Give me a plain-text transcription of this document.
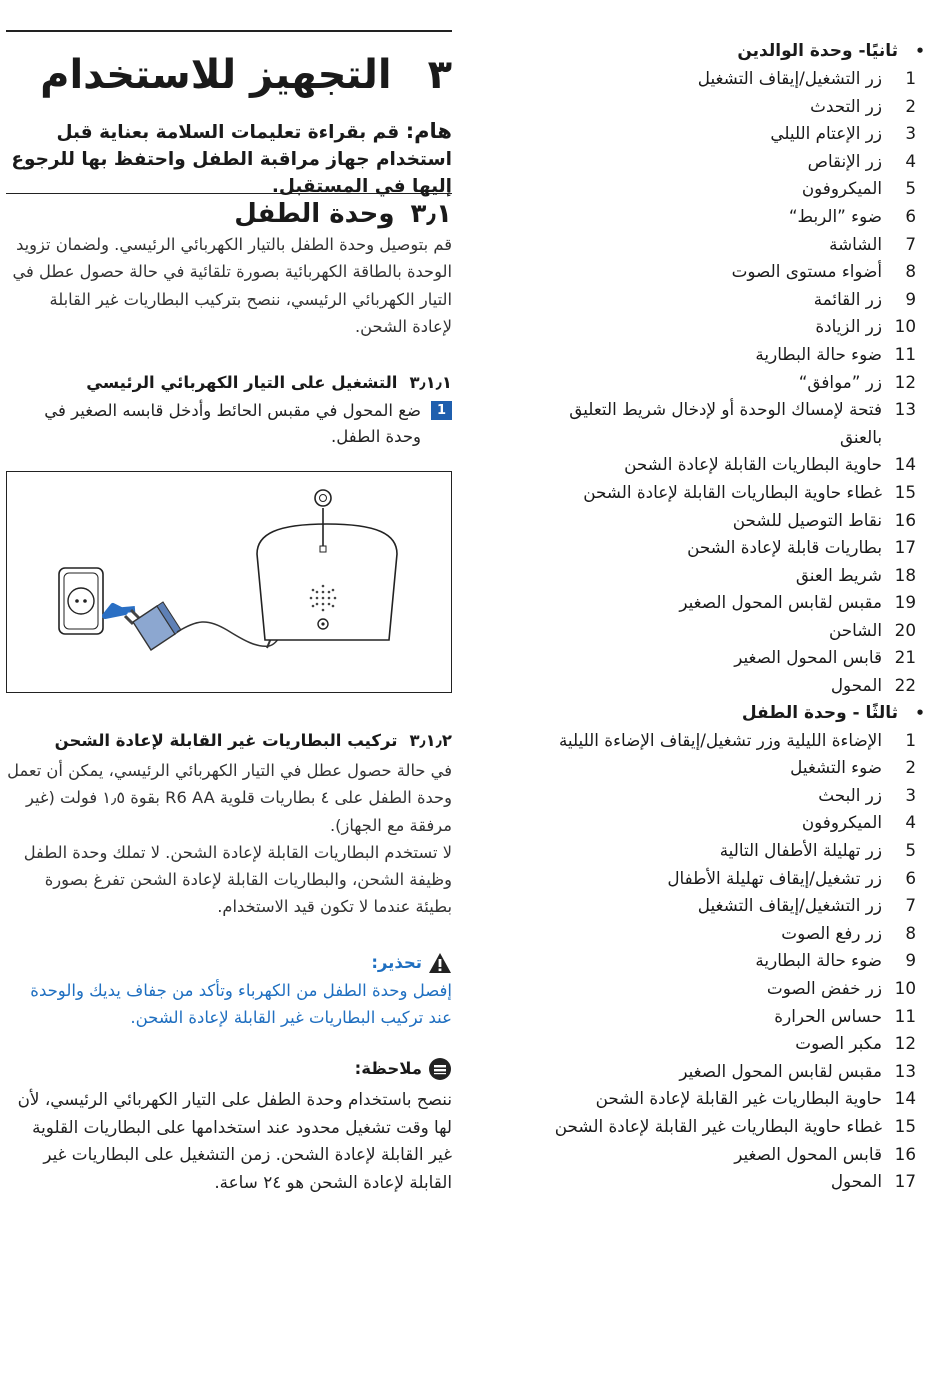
٣
التجهيز للاستخدام
هام: قم بقراءة تعليمات السلامة بعناية قبل استخدام جهاز مراقبة الطفل واحتفظ بها للرجوع إليها في المستقبل.
٣٫١
وحدة الطفل
قم بتوصيل وحدة الطفل بالتيار الكهربائي الرئيسي. ولضمان تزويد الوحدة بالطاقة الكهربائية بصورة تلقائية في حالة حصول عطل في التيار الكهربائي الرئيسي، ننصح بتركيب البطاريات غير القابلة لإعادة الشحن.
٣٫١٫١
التشغيل على التيار الكهربائي الرئيسي
1
ضع المحول في مقبس الحائط وأدخل قابسه الصغير في وحدة الطفل.
٣٫١٫٢
تركيب البطاريات غير القابلة لإعادة الشحن
في حالة حصول عطل في التيار الكهربائي الرئيسي، يمكن أن تعمل وحدة الطفل على ٤ بطاريات قلوية R6 AA بقوة ١٫٥ فولت (غير مرفقة مع الجهاز).
لا تستخدم البطاريات القابلة لإعادة الشحن. لا تملك وحدة الطفل وظيفة الشحن، والبطاريات القابلة لإعادة الشحن تفرغ بصورة بطيئة عندما لا تكون قيد الاستخدام.
تحذير:
إفصل وحدة الطفل من الكهرباء وتأكد من جفاف يديك والوحدة عند تركيب البطاريات غير القابلة لإعادة الشحن.
ملاحظة:
ننصح باستخدام وحدة الطفل على التيار الكهربائي الرئيسي، لأن لها وقت تشغيل محدود عند استخدامها على البطاريات القلوية غير القابلة لإعادة الشحن. زمن التشغيل على البطاريات غير القابلة لإعادة الشحن هو ٢٤ ساعة.
•
ثانيًا- وحدة الوالدين
1
زر التشغيل/إيقاف التشغيل
2
زر التحدث
3
زر الإعتام الليلي
4
زر الإنقاص
5
الميكروفون
6
ضوء ”الربط“
7
الشاشة
8
أضواء مستوى الصوت
9
زر القائمة
10
زر الزيادة
11
ضوء حالة البطارية
12
زر ”موافق“
13
فتحة لإمساك الوحدة أو لإدخال شريط التعليق
بالعنق
14
حاوية البطاريات القابلة لإعادة الشحن
15
غطاء حاوية البطاريات القابلة لإعادة الشحن
16
نقاط التوصيل للشحن
17
بطاريات قابلة لإعادة الشحن
18
شريط العنق
19
مقبس لقابس المحول الصغير
20
الشاحن
21
قابس المحول الصغير
22
المحول
•
ثالثًا - وحدة الطفل
1
الإضاءة الليلية وزر تشغيل/إيقاف الإضاءة الليلية
2
ضوء التشغيل
3
زر البحث
4
الميكروفون
5
زر تهليلة الأطفال التالية
6
زر تشغيل/إيقاف تهليلة الأطفال
7
زر التشغيل/إيقاف التشغيل
8
زر رفع الصوت
9
ضوء حالة البطارية
10
زر خفض الصوت
11
حساس الحرارة
12
مكبر الصوت
13
مقبس لقابس المحول الصغير
14
حاوية البطاريات غير القابلة لإعادة الشحن
15
غطاء حاوية البطاريات غير القابلة لإعادة الشحن
16
قابس المحول الصغير
17
المحول
